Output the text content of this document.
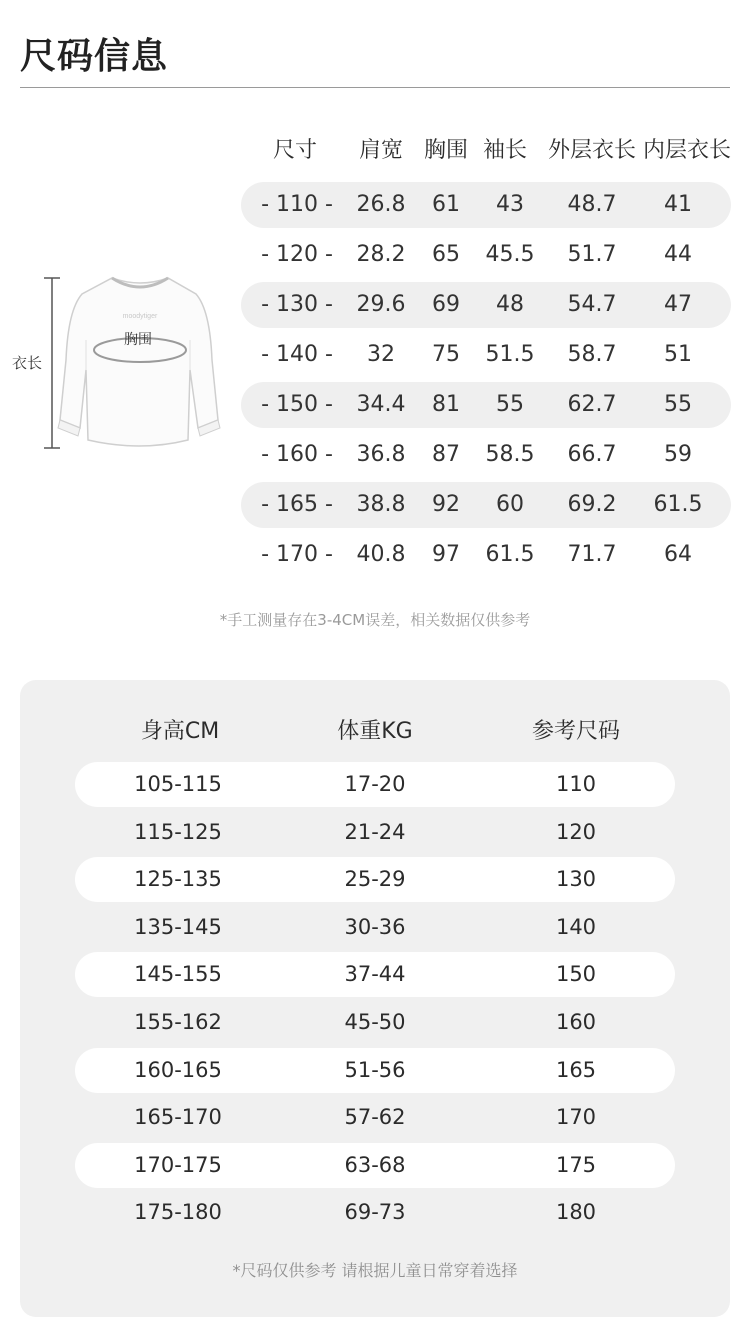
尺码信息
moodytiger
胸围
衣长
尺寸	肩宽 胸围 袖长 外层衣长 内层衣长
- 110 -	26.8	61	43	48.7	41
- 120 -	28.2	65	45.5	51.7	44
- 130 -	29.6	69	48	54.7	47
- 140 -	32	75	51.5	58.7	51
- 150 -	34.4	81	55	62.7	55
- 160 -	36.8	87	58.5	66.7	59
- 165 -	38.8	92	60	69.2	61.5
- 170 -	40.8	97	61.5	71.7	64
*手工测量存在3-4CM误差，相关数据仅供参考
身高CM	体重KG	参考尺码
105-115	17-20	110
115-125	21-24	120
125-135	25-29	130
135-145	30-36	140
145-155	37-44	150
155-162	45-50	160
160-165	51-56	165
165-170	57-62	170
170-175	63-68	175
175-180	69-73	180
*尺码仅供参考 请根据儿童日常穿着选择
